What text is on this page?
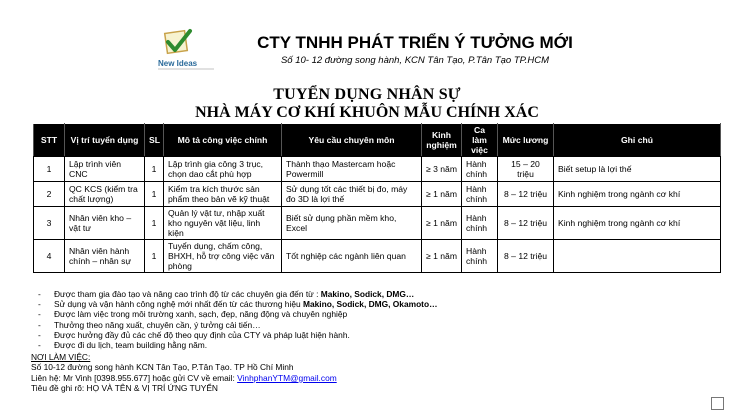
New Ideas
CTY TNHH PHÁT TRIỂN Ý TƯỞNG MỚI
Số 10- 12 đường song hành, KCN Tân Tạo, P.Tân Tạo TP.HCM
TUYỂN DỤNG NHÂN SỰ
NHÀ MÁY CƠ KHÍ KHUÔN MẪU CHÍNH XÁC
STT	Vị trí tuyển dụng	SL	Mô tả công việc chính	Yêu cầu chuyên môn	Kinh nghiệm	Ca làm việc	Mức lương	Ghi chú
1	Lập trình viên CNC	1	Lập trình gia công 3 trục, chọn dao cắt phù hợp	Thành thạo Mastercam hoặc Powermill	≥ 3 năm	Hành chính	15 – 20 triệu	Biết setup là lợi thế
2	QC KCS (kiểm tra chất lượng)	1	Kiểm tra kích thước sản phẩm theo bản vẽ kỹ thuật	Sử dụng tốt các thiết bị đo, máy đo 3D là lợi thế	≥ 1 năm	Hành chính	8 – 12 triệu	Kinh nghiệm trong ngành cơ khí
3	Nhân viên kho – vật tư	1	Quản lý vật tư, nhập xuất kho nguyên vật liệu, linh kiện	Biết sử dụng phần mềm kho, Excel	≥ 1 năm	Hành chính	8 – 12 triệu	Kinh nghiệm trong ngành cơ khí
4	Nhân viên hành chính – nhân sự	1	Tuyển dụng, chấm công, BHXH, hỗ trợ công việc văn phòng	Tốt nghiệp các ngành liên quan	≥ 1 năm	Hành chính	8 – 12 triệu	
- Được tham gia đào tạo và nâng cao trình độ từ các chuyên gia đến từ : Makino, Sodick, DMG…
- Sử dụng và vận hành công nghệ mới nhất đến từ các thương hiệu Makino, Sodick, DMG, Okamoto…
- Được làm việc trong môi trường xanh, sạch, đẹp, năng động và chuyên nghiệp
- Thưởng theo năng xuất, chuyên cần, ý tưởng cải tiến…
- Được hưởng đầy đủ các chế độ theo quy định của CTY và pháp luật hiện hành.
- Được đi du lịch, team building hằng năm.
NƠI LÀM VIỆC:
Số 10-12 đường song hành KCN Tân Tạo, P.Tân Tạo. TP Hồ Chí Minh
Liên hệ: Mr Vinh [0398.955.677] hoặc gửi CV về email: VinhphanYTM@gmail.com
Tiêu đề ghi rõ: HỌ VÀ TÊN & VỊ TRÍ ỨNG TUYỂN
